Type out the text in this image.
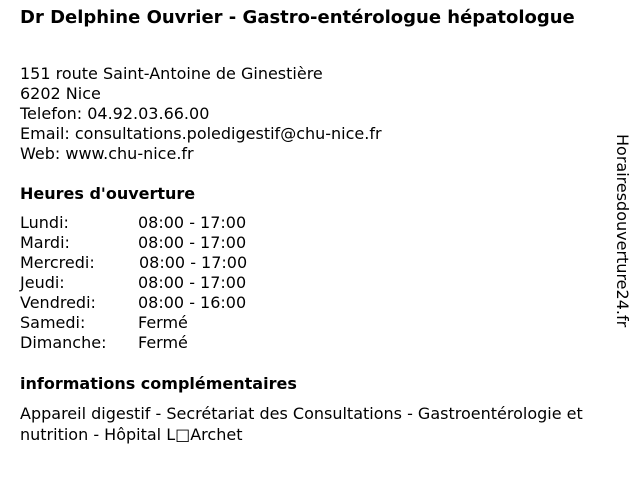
Dr Delphine Ouvrier - Gastro-entérologue hépatologue
151 route Saint-Antoine de Ginestière
6202 Nice
Telefon: 04.92.03.66.00
Email: consultations.poledigestif@chu-nice.fr
Web: www.chu-nice.fr
Heures d'ouverture
Lundi:	08:00 - 17:00
Mardi:	08:00 - 17:00
Mercredi:	08:00 - 17:00
Jeudi:	08:00 - 17:00
Vendredi:	08:00 - 16:00
Samedi:	Fermé
Dimanche: Fermé
informations complémentaires
Appareil digestif - Secrétariat des Consultations - Gastroentérologie et nutrition - Hôpital L□Archet
Horairesdouverture24.fr
